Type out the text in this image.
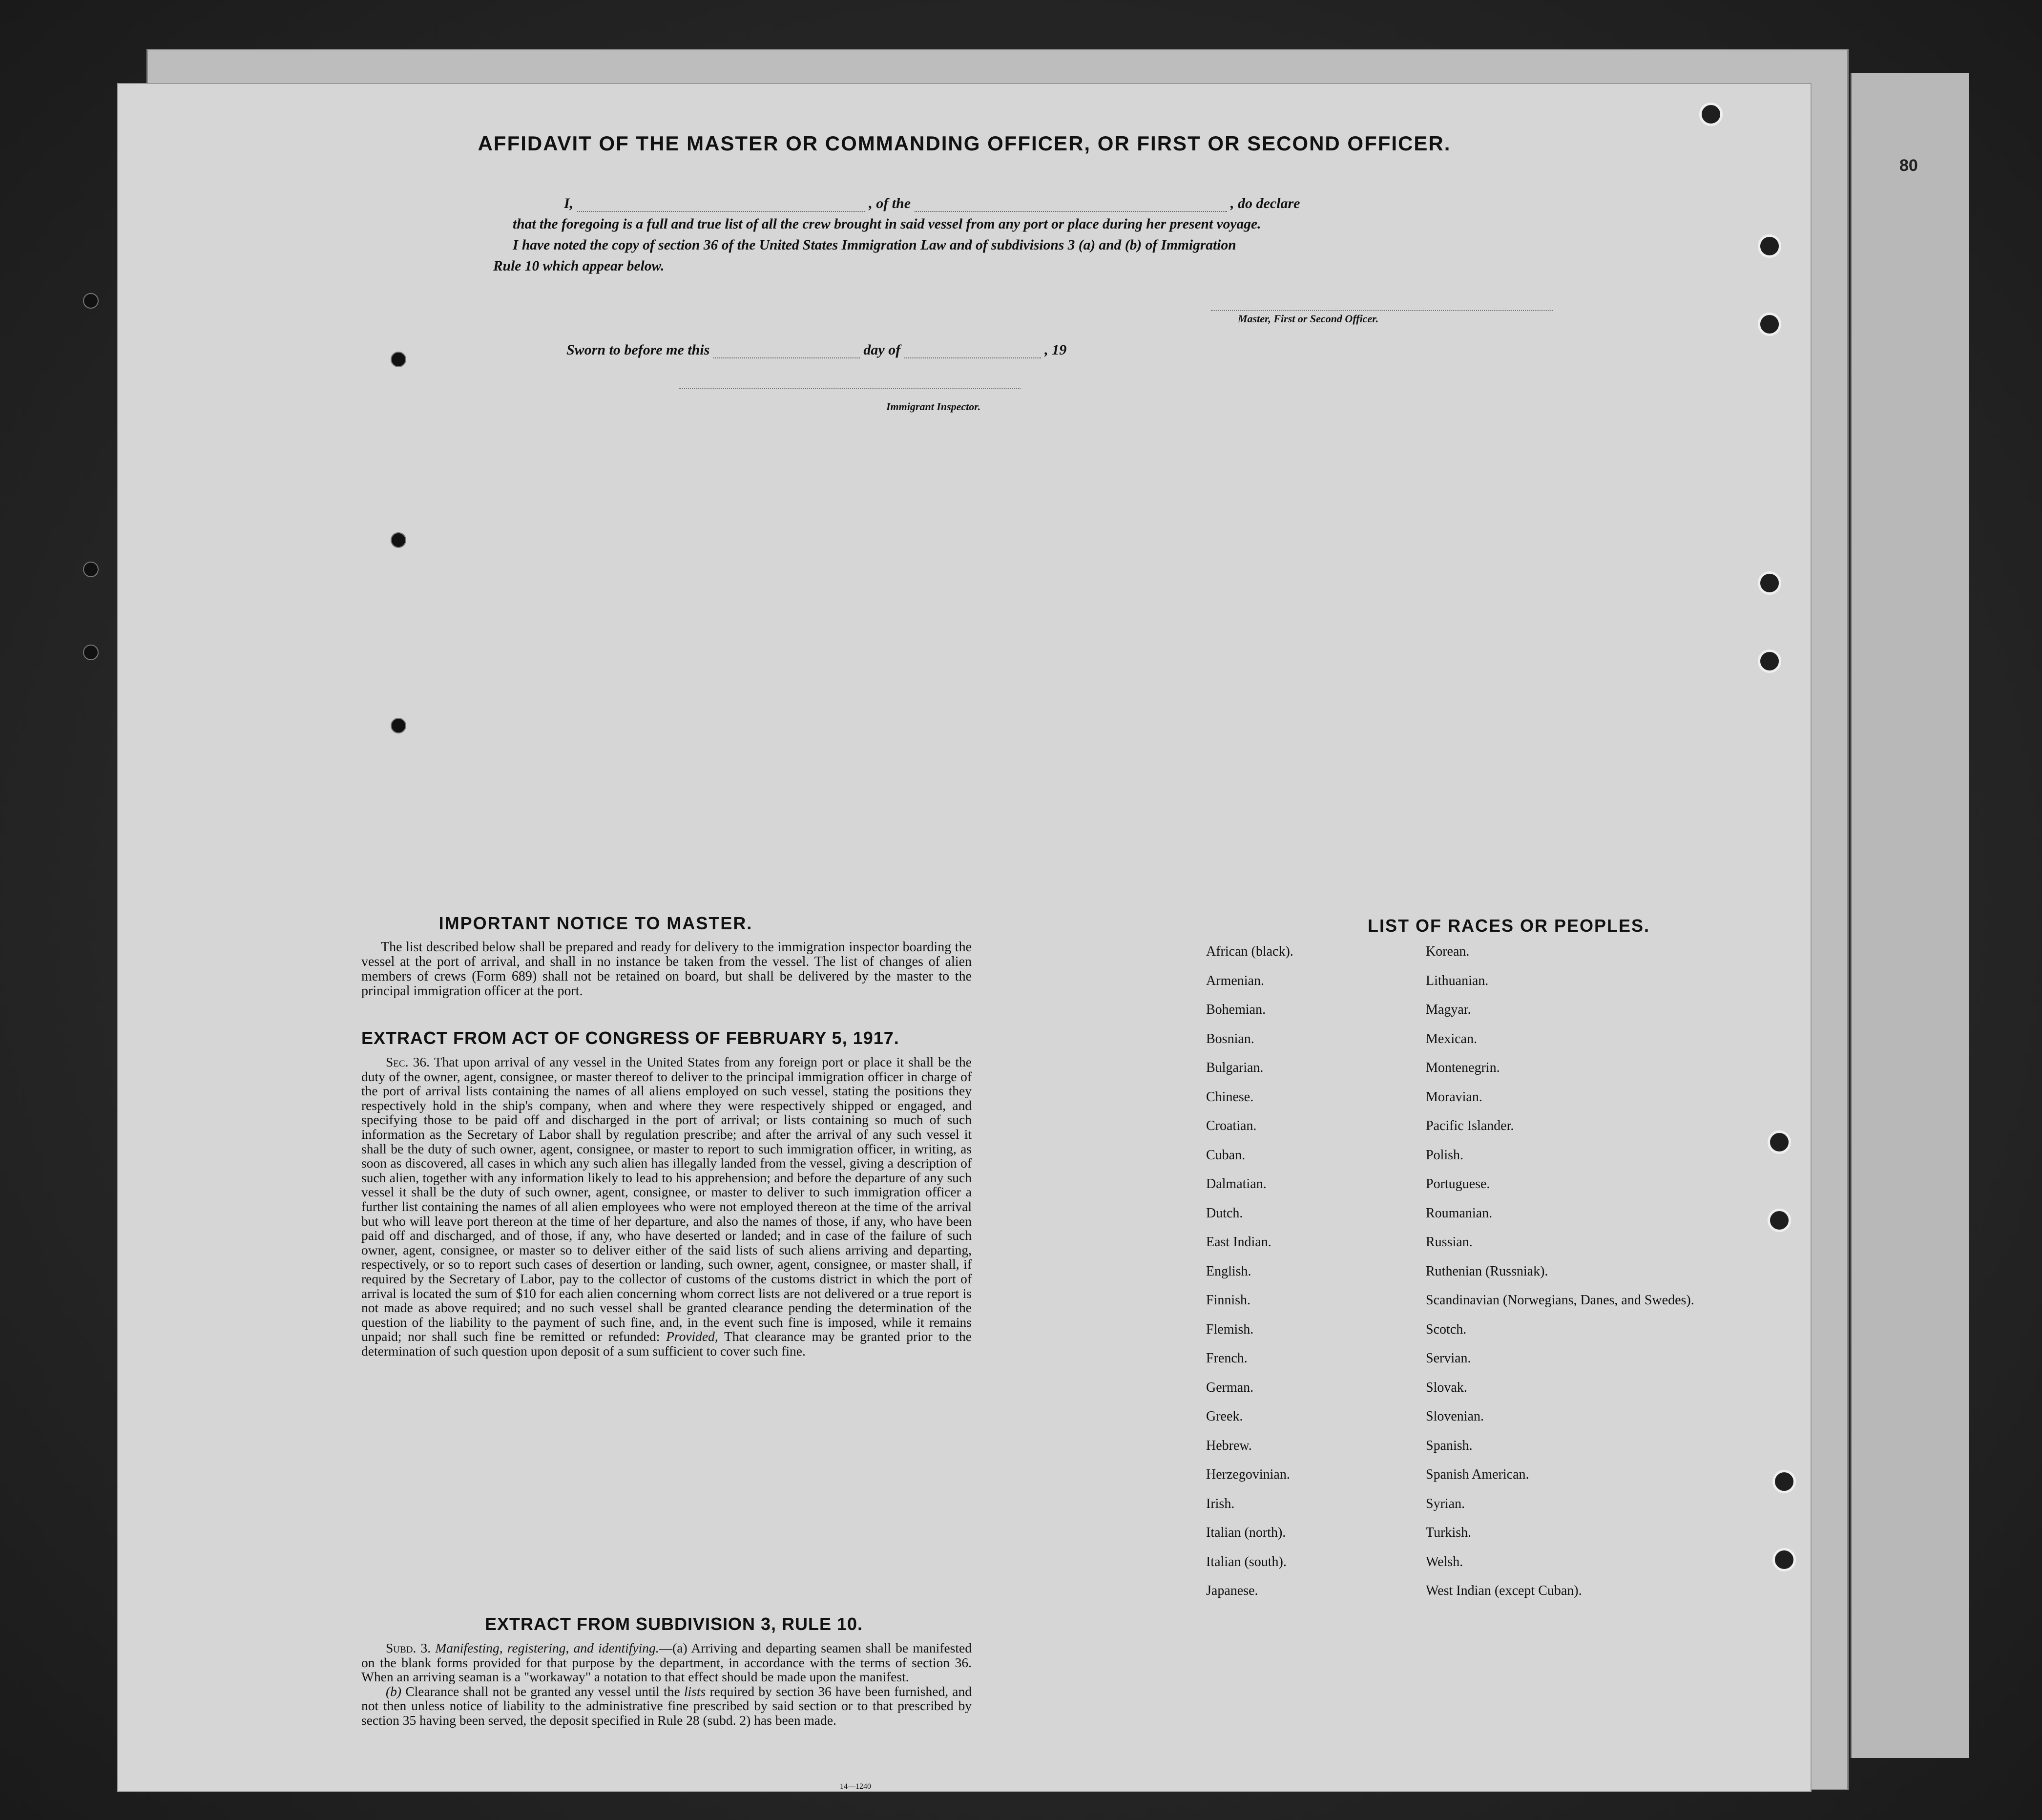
80
AFFIDAVIT OF THE MASTER OR COMMANDING OFFICER, OR FIRST OR SECOND OFFICER.
I,	, of the	, do declare
that the foregoing is a full and true list of all the crew brought in said vessel from any port or place during her present voyage.
I have noted the copy of section 36 of the United States Immigration Law and of subdivisions 3 (a) and (b) of Immigration
Rule 10 which appear below.
Master, First or Second Officer.
Sworn to before me this	day of	, 19
Immigrant Inspector.
IMPORTANT NOTICE TO MASTER.
The list described below shall be prepared and ready for delivery to the immigration inspector boarding the vessel at the port of arrival, and shall in no instance be taken from the vessel. The list of changes of alien members of crews (Form 689) shall not be retained on board, but shall be delivered by the master to the principal immigration officer at the port.
EXTRACT FROM ACT OF CONGRESS OF FEBRUARY 5, 1917.
Sec. 36. That upon arrival of any vessel in the United States from any foreign port or place it shall be the duty of the owner, agent, consignee, or master thereof to deliver to the principal immigration officer in charge of the port of arrival lists containing the names of all aliens employed on such vessel, stating the positions they respectively hold in the ship's company, when and where they were respectively shipped or engaged, and specifying those to be paid off and discharged in the port of arrival; or lists containing so much of such information as the Secretary of Labor shall by regulation prescribe; and after the arrival of any such vessel it shall be the duty of such owner, agent, consignee, or master to report to such immigration officer, in writing, as soon as discovered, all cases in which any such alien has illegally landed from the vessel, giving a description of such alien, together with any information likely to lead to his apprehension; and before the departure of any such vessel it shall be the duty of such owner, agent, consignee, or master to deliver to such immigration officer a further list containing the names of all alien employees who were not employed thereon at the time of the arrival but who will leave port thereon at the time of her departure, and also the names of those, if any, who have been paid off and discharged, and of those, if any, who have deserted or landed; and in case of the failure of such owner, agent, consignee, or master so to deliver either of the said lists of such aliens arriving and departing, respectively, or so to report such cases of desertion or landing, such owner, agent, consignee, or master shall, if required by the Secretary of Labor, pay to the collector of customs of the customs district in which the port of arrival is located the sum of $10 for each alien concerning whom correct lists are not delivered or a true report is not made as above required; and no such vessel shall be granted clearance pending the determination of the question of the liability to the payment of such fine, and, in the event such fine is imposed, while it remains unpaid; nor shall such fine be remitted or refunded: Provided, That clearance may be granted prior to the determination of such question upon deposit of a sum sufficient to cover such fine.
EXTRACT FROM SUBDIVISION 3, RULE 10.

Subd. 3. Manifesting, registering, and identifying.—(a) Arriving and departing seamen shall be manifested on the blank forms provided for that purpose by the department, in accordance with the terms of section 36. When an arriving seaman is a "workaway" a notation to that effect should be made upon the manifest.

(b) Clearance shall not be granted any vessel until the lists required by section 36 have been furnished, and not then unless notice of liability to the administrative fine prescribed by said section or to that prescribed by section 35 having been served, the deposit specified in Rule 28 (subd. 2) has been made.

14—1240
LIST OF RACES OR PEOPLES.
African (black).	Korean.
Armenian.	Lithuanian.
Bohemian.	Magyar.
Bosnian.	Mexican.
Bulgarian.	Montenegrin.
Chinese.	Moravian.
Croatian.	Pacific Islander.
Cuban.	Polish.
Dalmatian.	Portuguese.
Dutch.	Roumanian.
East Indian.	Russian.
English.	Ruthenian (Russniak).
Finnish.	Scandinavian (Norwegians, Danes, and Swedes).
Flemish.	Scotch.
French.	Servian.
German.	Slovak.
Greek.	Slovenian.
Hebrew.	Spanish.
Herzegovinian.	Spanish American.
Irish.	Syrian.
Italian (north).	Turkish.
Italian (south).	Welsh.
Japanese.	West Indian (except Cuban).
